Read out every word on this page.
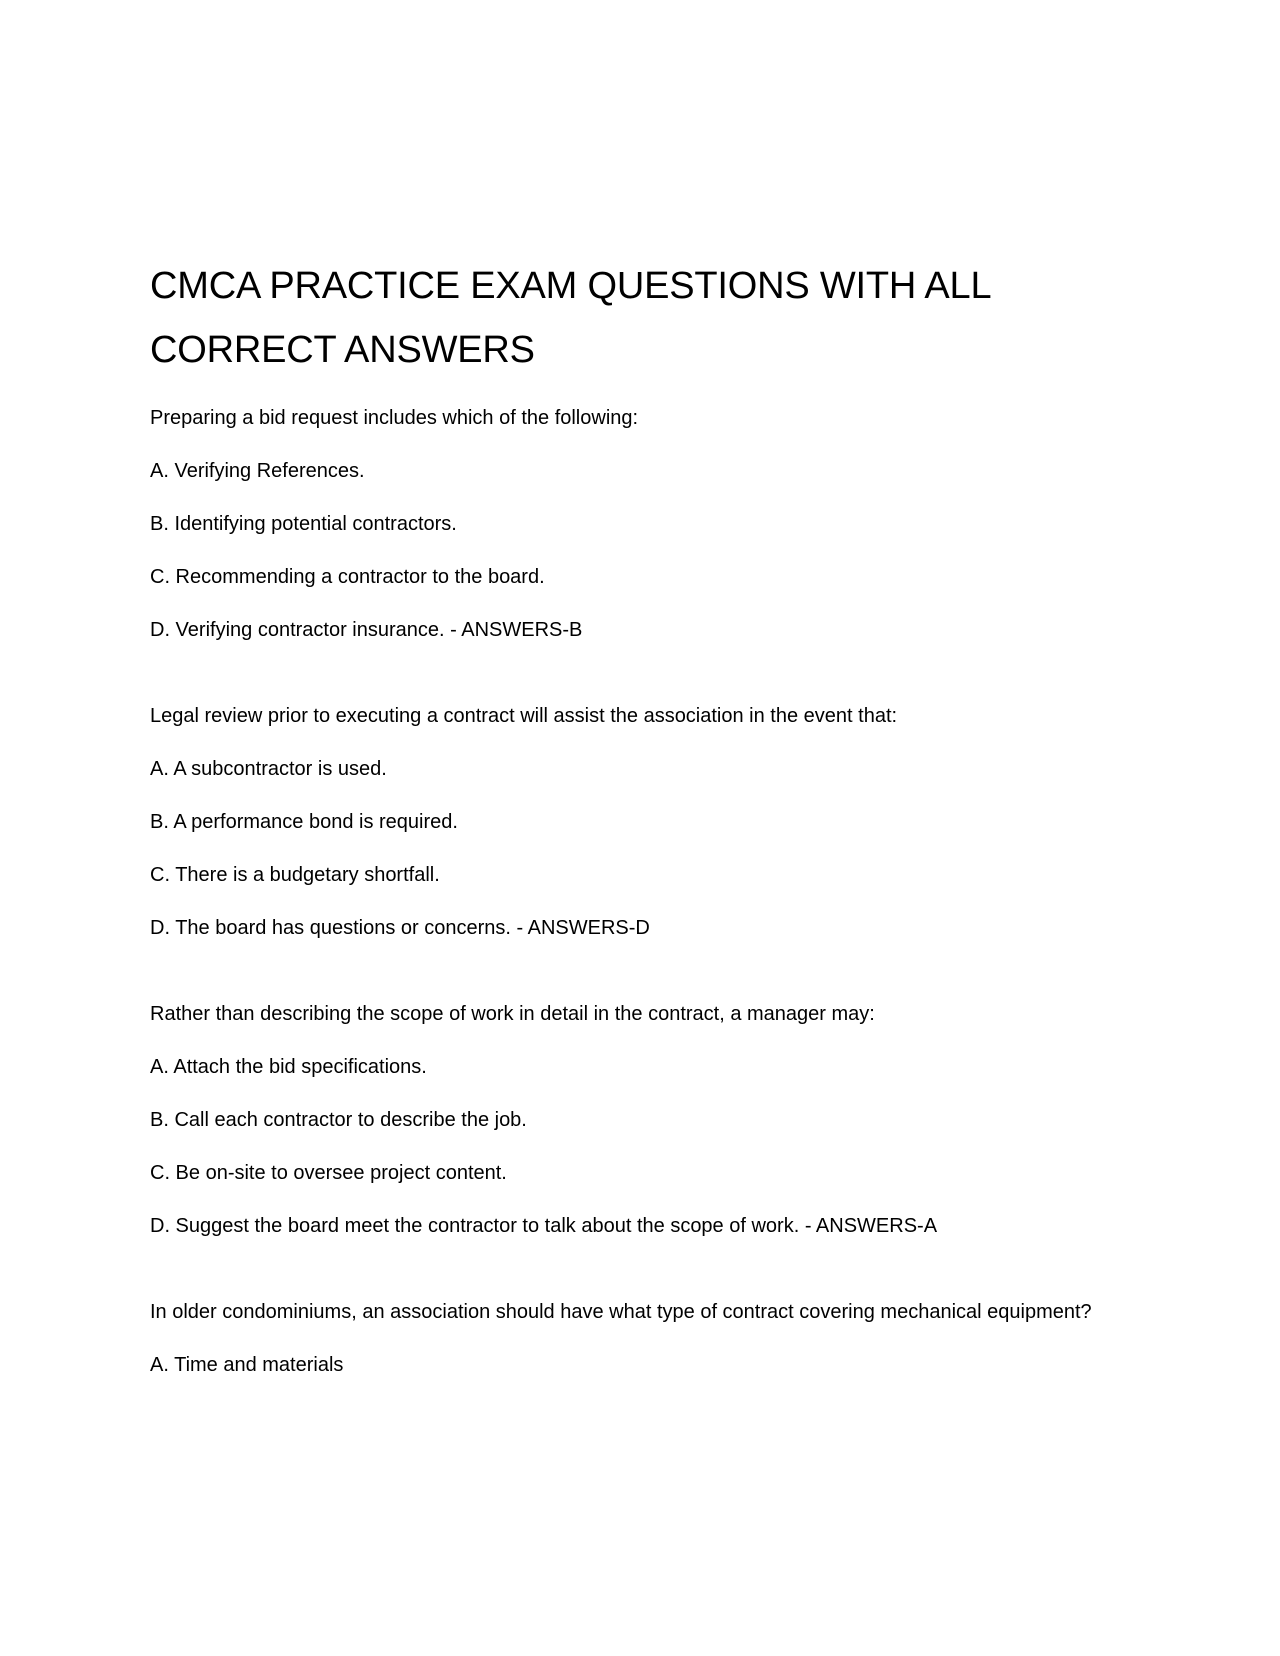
CMCA PRACTICE EXAM QUESTIONS WITH ALL CORRECT ANSWERS

Preparing a bid request includes which of the following:

A. Verifying References.

B. Identifying potential contractors.

C. Recommending a contractor to the board.

D. Verifying contractor insurance. - ANSWERS-B

Legal review prior to executing a contract will assist the association in the event that:

A. A subcontractor is used.

B. A performance bond is required.

C. There is a budgetary shortfall.

D. The board has questions or concerns. - ANSWERS-D

Rather than describing the scope of work in detail in the contract, a manager may:

A. Attach the bid specifications.

B. Call each contractor to describe the job.

C. Be on-site to oversee project content.

D. Suggest the board meet the contractor to talk about the scope of work. - ANSWERS-A

In older condominiums, an association should have what type of contract covering mechanical equipment?

A. Time and materials
